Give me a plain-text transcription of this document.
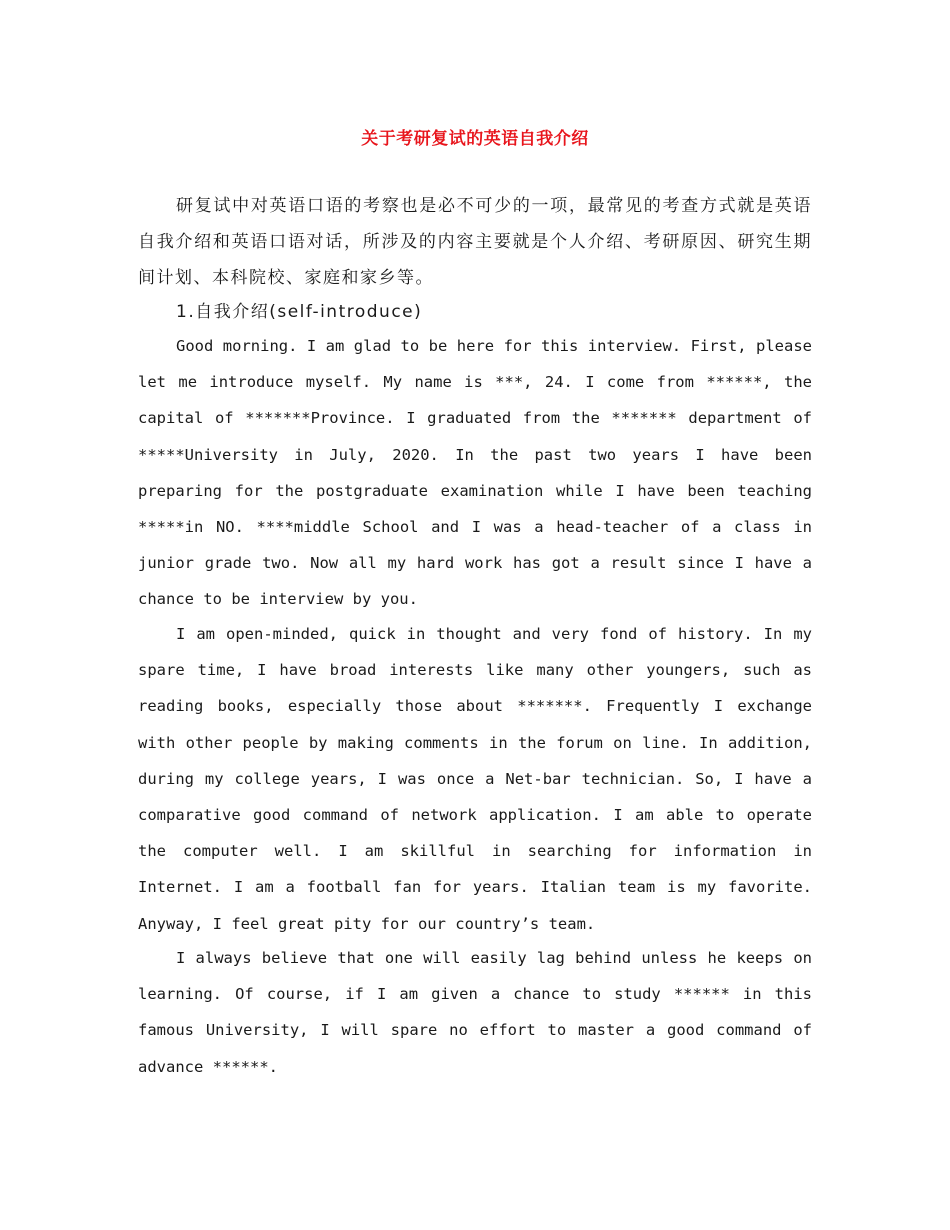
关于考研复试的英语自我介绍
研复试中对英语口语的考察也是必不可少的一项，最常见的考查方式就是英语自我介绍和英语口语对话，所涉及的内容主要就是个人介绍、考研原因、研究生期间计划、本科院校、家庭和家乡等。
1.自我介绍(self-introduce)
Good morning. I am glad to be here for this interview. First, please let me introduce myself. My name is ***, 24. I come from ******, the capital of *******Province. I graduated from the ******* department of *****University in July, 2020. In the past two years I have been preparing for the postgraduate examination while I have been teaching *****in NO. ****middle School and I was a head-teacher of a class in junior grade two. Now all my hard work has got a result since I have a chance to be interview by you.
I am open-minded, quick in thought and very fond of history. In my spare time, I have broad interests like many other youngers, such as reading books, especially those about *******. Frequently I exchange with other people by making comments in the forum on line. In addition, during my college years, I was once a Net-bar technician. So, I have a comparative good command of network application. I am able to operate the computer well. I am skillful in searching for information in Internet. I am a football fan for years. Italian team is my favorite. Anyway, I feel great pity for our country’s team.
I always believe that one will easily lag behind unless he keeps on learning. Of course, if I am given a chance to study ****** in this famous University, I will spare no effort to master a good command of advance ******.
